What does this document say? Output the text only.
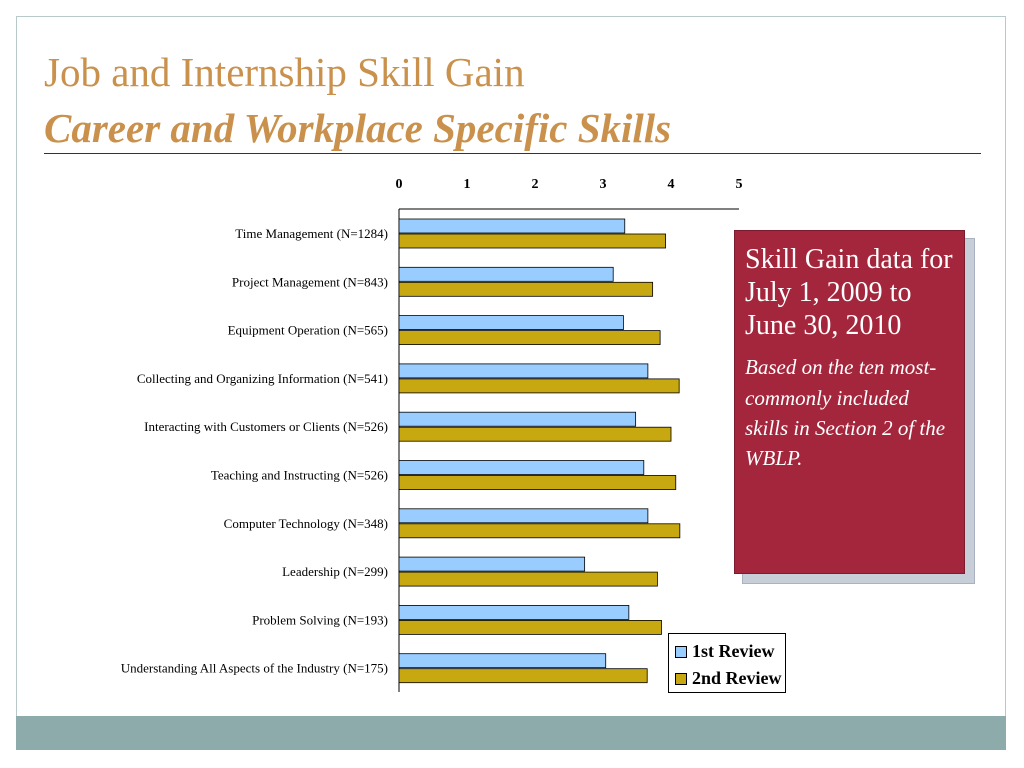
Job and Internship Skill Gain
Career and Workplace Specific Skills
0	1	2	3	4	5
Time Management (N=1284)
Project Management (N=843)
Equipment Operation (N=565)
Collecting and Organizing Information (N=541)
Interacting with Customers or Clients (N=526)
Teaching and Instructing (N=526)
Computer Technology (N=348)
Leadership (N=299)
Problem Solving (N=193)
Understanding All Aspects of the Industry (N=175)

Skill Gain data for July 1, 2009 to June 30, 2010

Based on the ten most-commonly included skills in Section 2 of the WBLP.

1st Review
2nd Review
